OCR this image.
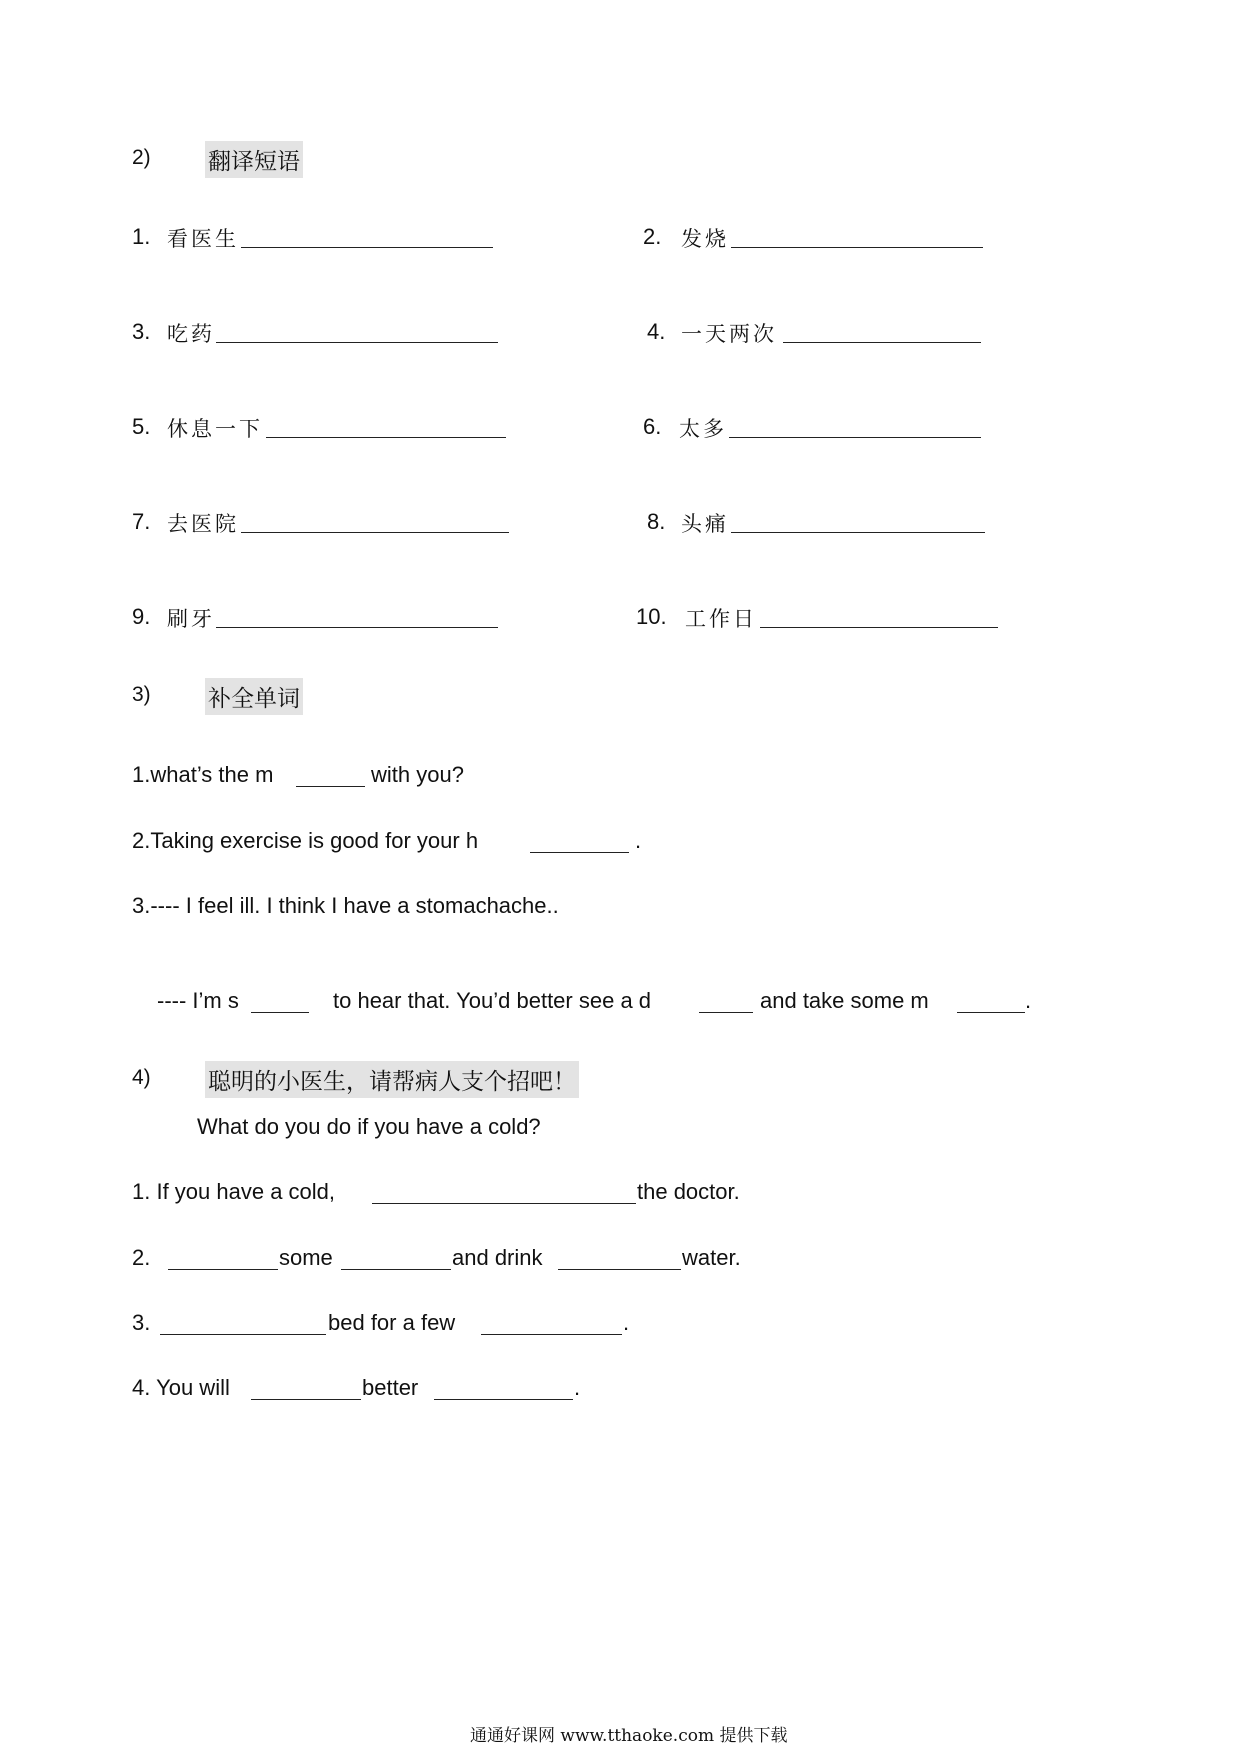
2) 翻译短语
1. 看医生	2. 发烧
3. 吃药	4. 一天两次
5. 休息一下	6. 太多
7. 去医院	8. 头痛
9. 刷牙	10. 工作日
3) 补全单词
1.what’s the m	with you?
2.Taking exercise is good for your h	.
3.---- I feel ill. I think I have a stomachache..
---- I’m s	to hear that. You’d better see a d	and take some m	.
4) 聪明的小医生，请帮病人支个招吧！
What do you do if you have a cold?
1. If you have a cold,	the doctor.
2.	some	and drink	water.
3.	bed for a few	.
4. You will	better	.
通通好课网 www.tthaoke.com 提供下载
